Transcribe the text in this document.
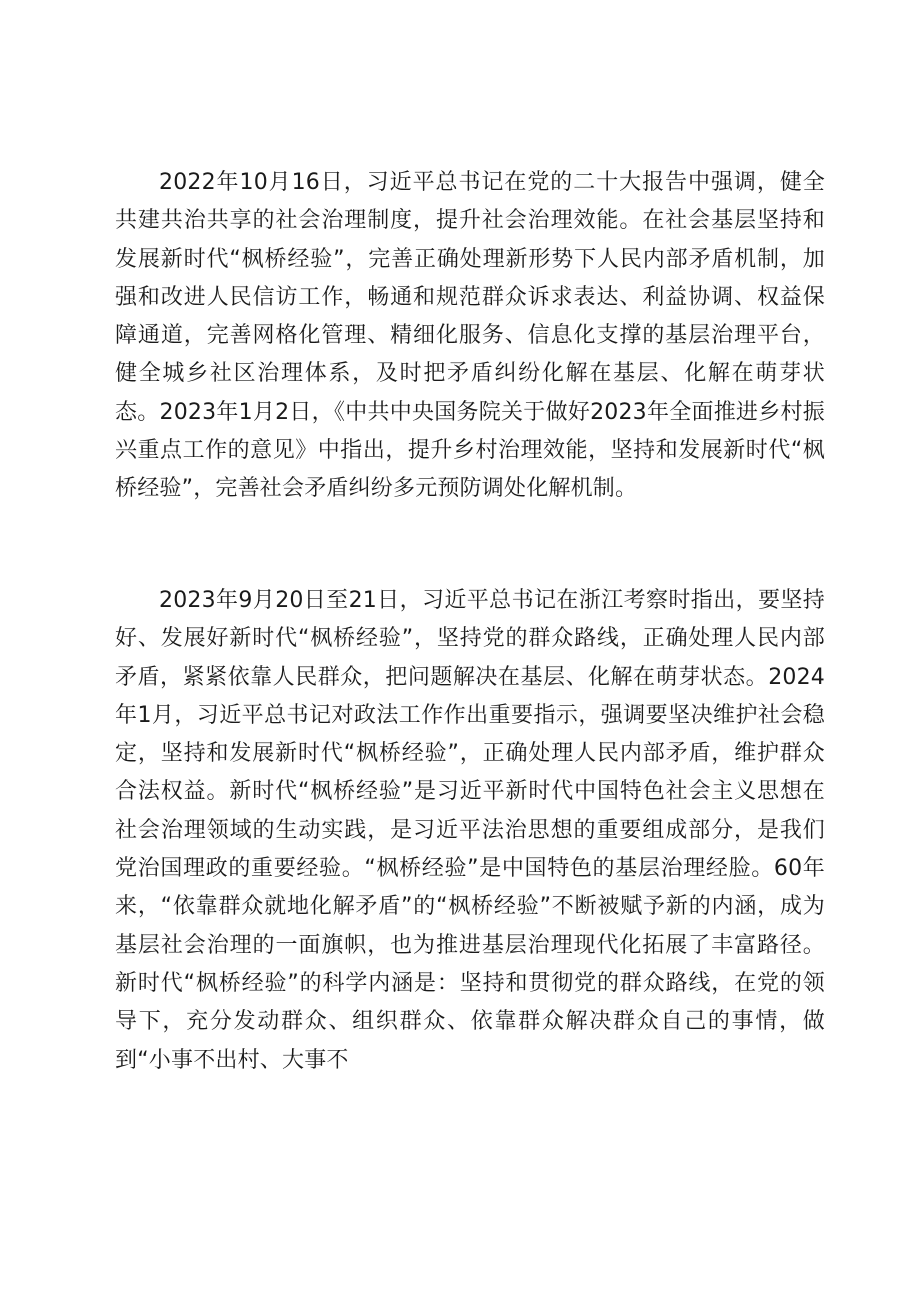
2022年10月16日，习近平总书记在党的二十大报告中强调，健全共建共治共享的社会治理制度，提升社会治理效能。在社会基层坚持和发展新时代“枫桥经验”，完善正确处理新形势下人民内部矛盾机制，加强和改进人民信访工作，畅通和规范群众诉求表达、利益协调、权益保障通道，完善网格化管理、精细化服务、信息化支撑的基层治理平台，健全城乡社区治理体系，及时把矛盾纠纷化解在基层、化解在萌芽状态。2023年1月2日，《中共中央国务院关于做好2023年全面推进乡村振兴重点工作的意见》中指出，提升乡村治理效能，坚持和发展新时代“枫桥经验”，完善社会矛盾纠纷多元预防调处化解机制。

2023年9月20日至21日，习近平总书记在浙江考察时指出，要坚持好、发展好新时代“枫桥经验”，坚持党的群众路线，正确处理人民内部矛盾，紧紧依靠人民群众，把问题解决在基层、化解在萌芽状态。2024年1月，习近平总书记对政法工作作出重要指示，强调要坚决维护社会稳定，坚持和发展新时代“枫桥经验”，正确处理人民内部矛盾，维护群众合法权益。新时代“枫桥经验”是习近平新时代中国特色社会主义思想在社会治理领域的生动实践，是习近平法治思想的重要组成部分，是我们党治国理政的重要经验。“枫桥经验”是中国特色的基层治理经脸。60年来，“依靠群众就地化解矛盾”的“枫桥经验”不断被赋予新的内涵，成为基层社会治理的一面旗帜，也为推进基层治理现代化拓展了丰富路径。新时代“枫桥经验”的科学内涵是：坚持和贯彻党的群众路线，在党的领导下，充分发动群众、组织群众、依靠群众解决群众自己的事情，做到“小事不出村、大事不
